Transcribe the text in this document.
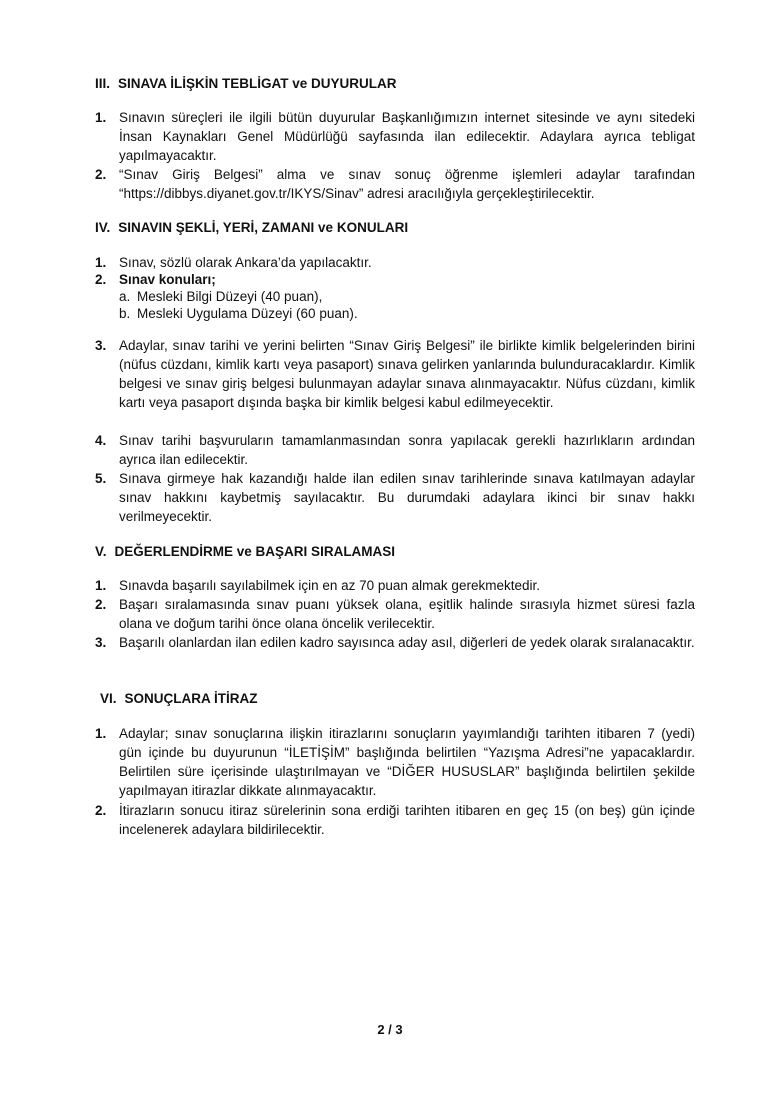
III. SINAVA İLİŞKİN TEBLİGAT ve DUYURULAR
1. Sınavın süreçleri ile ilgili bütün duyurular Başkanlığımızın internet sitesinde ve aynı sitedeki İnsan Kaynakları Genel Müdürlüğü sayfasında ilan edilecektir. Adaylara ayrıca tebligat yapılmayacaktır.
2. “Sınav Giriş Belgesi” alma ve sınav sonuç öğrenme işlemleri adaylar tarafından “https://dibbys.diyanet.gov.tr/IKYS/Sinav” adresi aracılığıyla gerçekleştirilecektir.
IV. SINAVIN ŞEKLİ, YERİ, ZAMANI ve KONULARI
1. Sınav, sözlü olarak Ankara’da yapılacaktır.
2. Sınav konuları;
a. Mesleki Bilgi Düzeyi (40 puan),
b. Mesleki Uygulama Düzeyi (60 puan).
3. Adaylar, sınav tarihi ve yerini belirten “Sınav Giriş Belgesi” ile birlikte kimlik belgelerinden birini (nüfus cüzdanı, kimlik kartı veya pasaport) sınava gelirken yanlarında bulunduracaklardır. Kimlik belgesi ve sınav giriş belgesi bulunmayan adaylar sınava alınmayacaktır. Nüfus cüzdanı, kimlik kartı veya pasaport dışında başka bir kimlik belgesi kabul edilmeyecektir.
4. Sınav tarihi başvuruların tamamlanmasından sonra yapılacak gerekli hazırlıkların ardından ayrıca ilan edilecektir.
5. Sınava girmeye hak kazandığı halde ilan edilen sınav tarihlerinde sınava katılmayan adaylar sınav hakkını kaybetmiş sayılacaktır. Bu durumdaki adaylara ikinci bir sınav hakkı verilmeyecektir.
V. DEĞERLENDİRME ve BAŞARI SIRALAMASI
1. Sınavda başarılı sayılabilmek için en az 70 puan almak gerekmektedir.
2. Başarı sıralamasında sınav puanı yüksek olana, eşitlik halinde sırasıyla hizmet süresi fazla olana ve doğum tarihi önce olana öncelik verilecektir.
3. Başarılı olanlardan ilan edilen kadro sayısınca aday asıl, diğerleri de yedek olarak sıralanacaktır.
VI. SONUÇLARA İTİRAZ
1. Adaylar; sınav sonuçlarına ilişkin itirazlarını sonuçların yayımlandığı tarihten itibaren 7 (yedi) gün içinde bu duyurunun “İLETİŞİM” başlığında belirtilen “Yazışma Adresi”ne yapacaklardır. Belirtilen süre içerisinde ulaştırılmayan ve “DİĞER HUSUSLAR” başlığında belirtilen şekilde yapılmayan itirazlar dikkate alınmayacaktır.
2. İtirazların sonucu itiraz sürelerinin sona erdiği tarihten itibaren en geç 15 (on beş) gün içinde incelenerek adaylara bildirilecektir.
2 / 3
